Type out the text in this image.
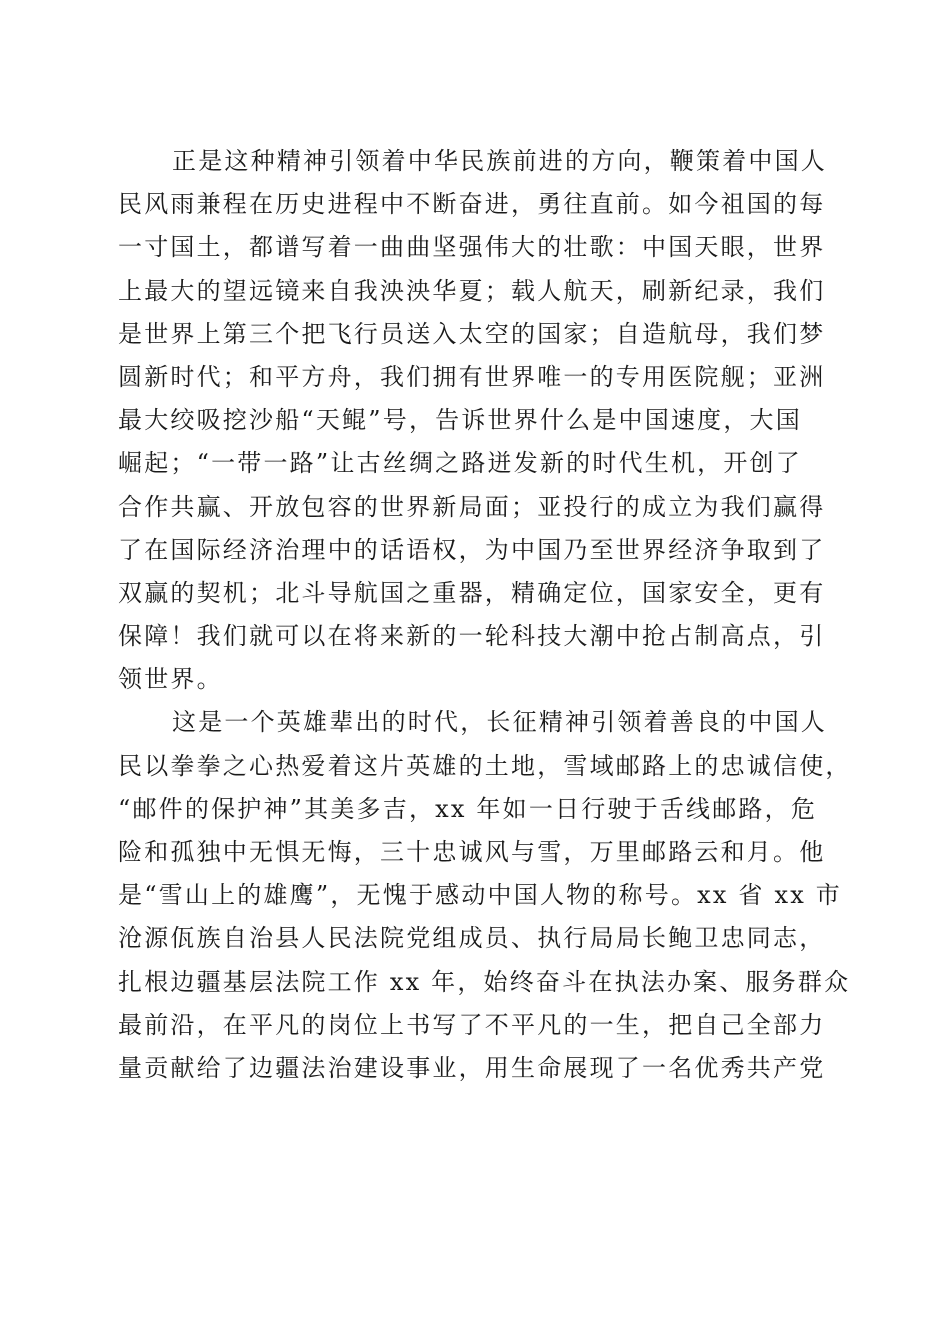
正是这种精神引领着中华民族前进的方向，鞭策着中国人
民风雨兼程在历史进程中不断奋进，勇往直前。如今祖国的每
一寸国土，都谱写着一曲曲坚强伟大的壮歌：中国天眼，世界
上最大的望远镜来自我泱泱华夏；载人航天，刷新纪录，我们
是世界上第三个把飞行员送入太空的国家；自造航母，我们梦
圆新时代；和平方舟，我们拥有世界唯一的专用医院舰；亚洲
最大绞吸挖沙船“天鲲”号，告诉世界什么是中国速度，大国
崛起；“一带一路”让古丝绸之路迸发新的时代生机，开创了
合作共赢、开放包容的世界新局面；亚投行的成立为我们赢得
了在国际经济治理中的话语权，为中国乃至世界经济争取到了
双赢的契机；北斗导航国之重器，精确定位，国家安全，更有
保障！我们就可以在将来新的一轮科技大潮中抢占制高点，引
领世界。
这是一个英雄辈出的时代，长征精神引领着善良的中国人
民以拳拳之心热爱着这片英雄的土地，雪域邮路上的忠诚信使，
“邮件的保护神”其美多吉，xx 年如一日行驶于舌线邮路，危
险和孤独中无惧无悔，三十忠诚风与雪，万里邮路云和月。他
是“雪山上的雄鹰”，无愧于感动中国人物的称号。xx 省 xx 市
沧源佤族自治县人民法院党组成员、执行局局长鲍卫忠同志，
扎根边疆基层法院工作 xx 年，始终奋斗在执法办案、服务群众
最前沿，在平凡的岗位上书写了不平凡的一生，把自己全部力
量贡献给了边疆法治建设事业，用生命展现了一名优秀共产党
